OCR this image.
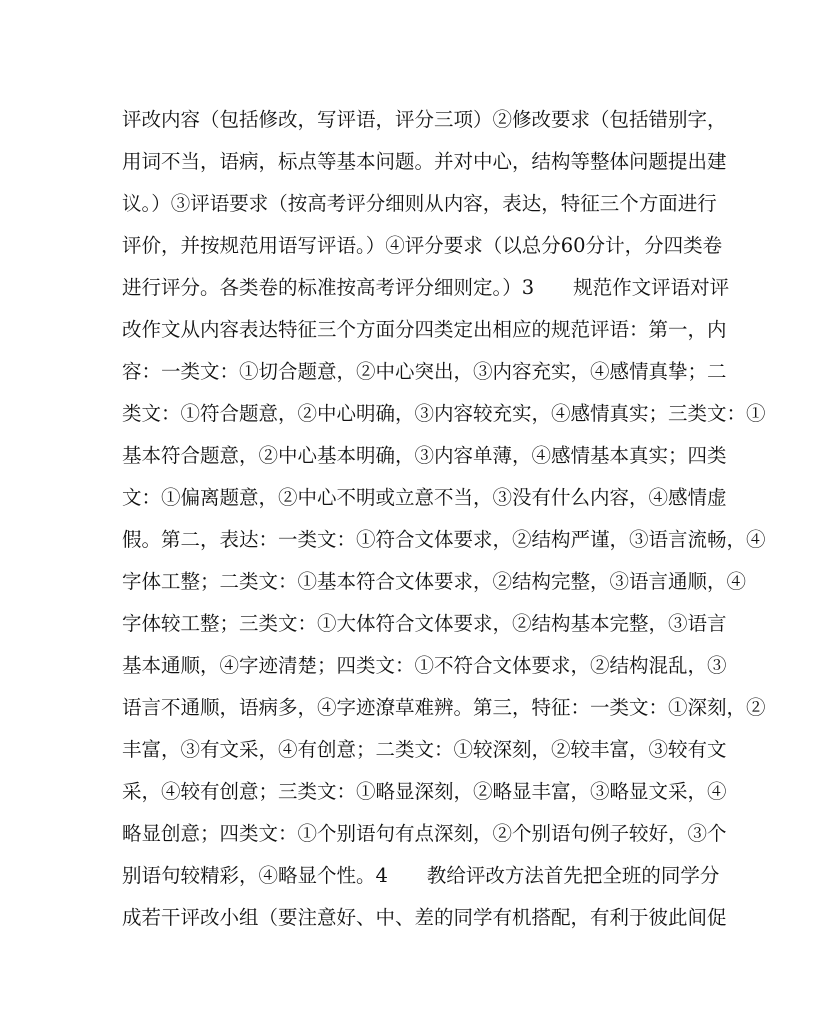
评改内容（包括修改，写评语，评分三项）②修改要求（包括错别字，
用词不当，语病，标点等基本问题。并对中心，结构等整体问题提出建
议。）③评语要求（按高考评分细则从内容，表达，特征三个方面进行
评价，并按规范用语写评语。）④评分要求（以总分60分计，分四类卷
进行评分。各类卷的标准按高考评分细则定。）3　　规范作文评语对评
改作文从内容表达特征三个方面分四类定出相应的规范评语：第一，内
容：一类文：①切合题意，②中心突出，③内容充实，④感情真挚；二
类文：①符合题意，②中心明确，③内容较充实，④感情真实；三类文：①
基本符合题意，②中心基本明确，③内容单薄，④感情基本真实；四类
文：①偏离题意，②中心不明或立意不当，③没有什么内容，④感情虚
假。第二，表达：一类文：①符合文体要求，②结构严谨，③语言流畅，④
字体工整；二类文：①基本符合文体要求，②结构完整，③语言通顺，④
字体较工整；三类文：①大体符合文体要求，②结构基本完整，③语言
基本通顺，④字迹清楚；四类文：①不符合文体要求，②结构混乱，③
语言不通顺，语病多，④字迹潦草难辨。第三，特征：一类文：①深刻，②
丰富，③有文采，④有创意；二类文：①较深刻，②较丰富，③较有文
采，④较有创意；三类文：①略显深刻，②略显丰富，③略显文采，④
略显创意；四类文：①个别语句有点深刻，②个别语句例子较好，③个
别语句较精彩，④略显个性。4　　教给评改方法首先把全班的同学分
成若干评改小组（要注意好、中、差的同学有机搭配，有利于彼此间促
